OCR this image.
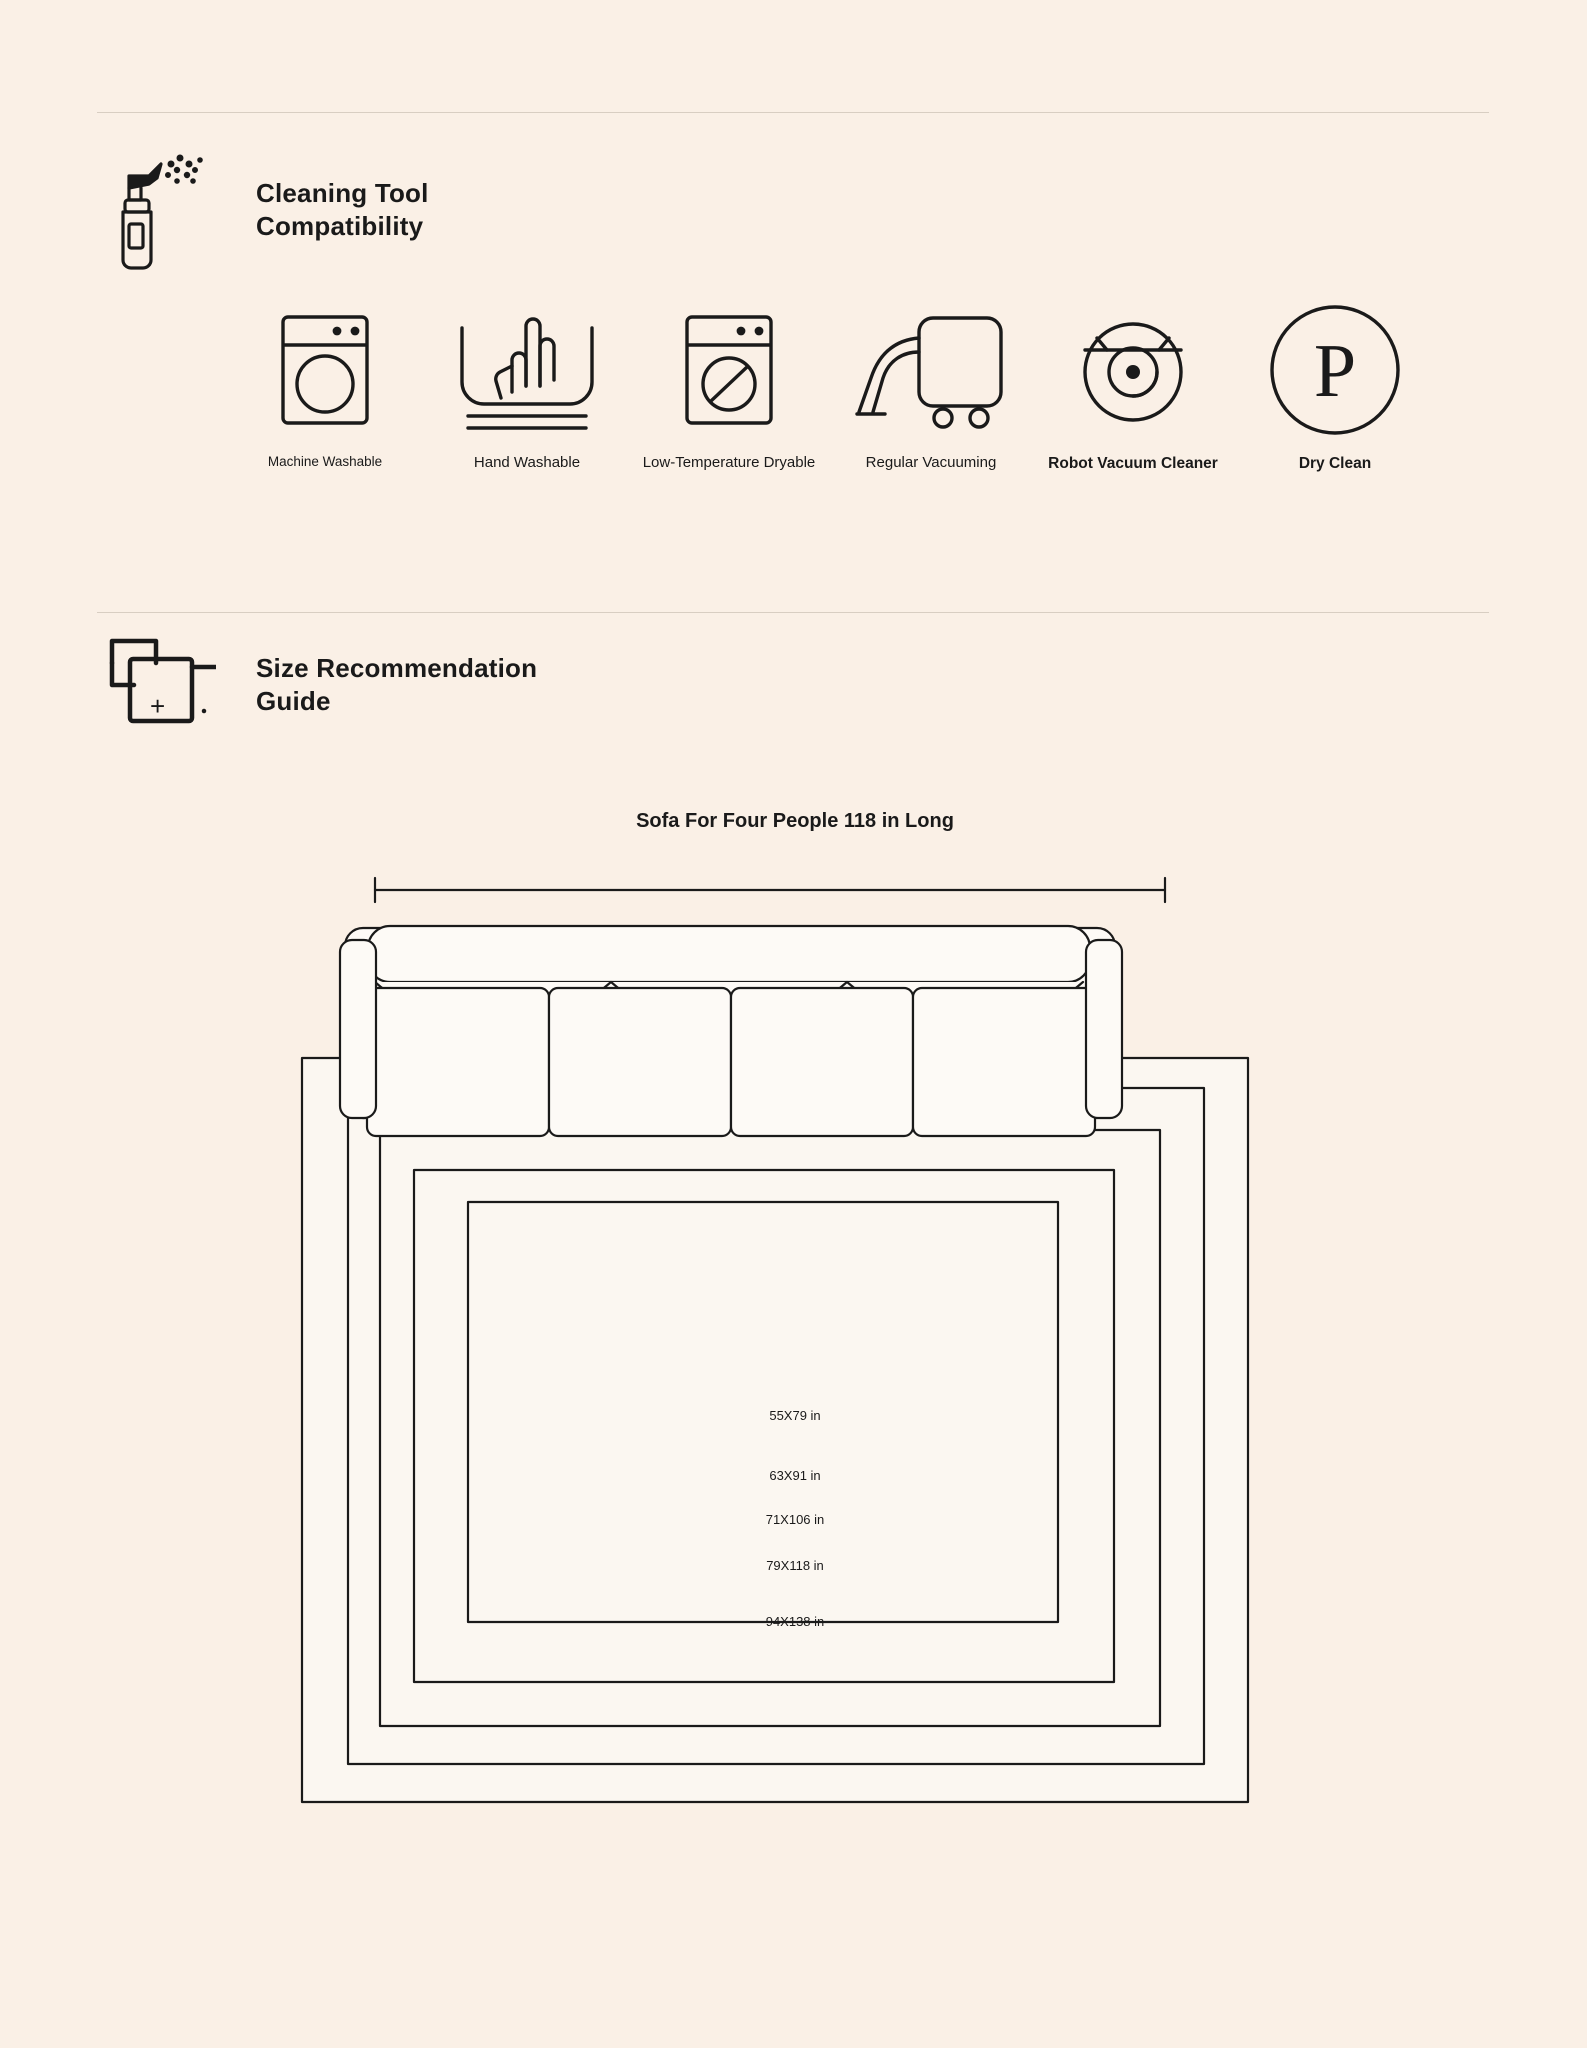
Cleaning Tool Compatibility
Machine Washable	Hand Washable	Low-Temperature Dryable	Regular Vacuuming	Robot Vacuum Cleaner
P
Dry Clean
+
Size Recommendation Guide
Sofa For Four People 118 in Long
55X79 in
63X91 in
71X106 in
79X118 in
94X138 in
